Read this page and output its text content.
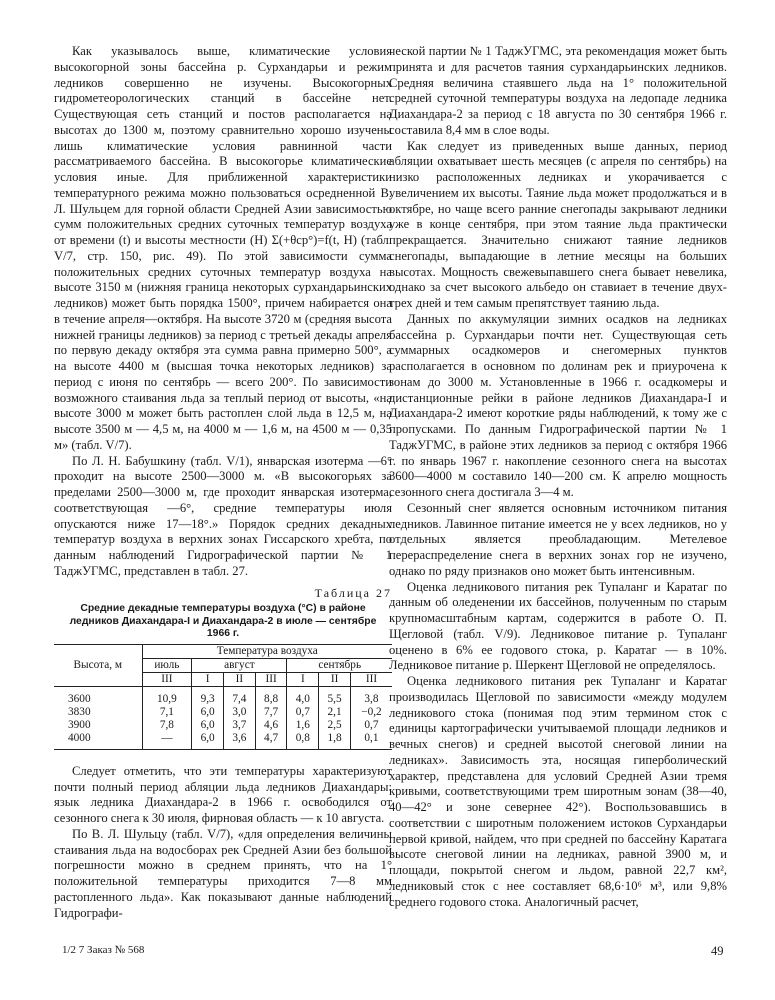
Как указывалось выше, климатические условия высокогорной зоны бассейна р. Сурхандарьи и режим ледников совершенно не изучены. Высокогорных гидрометеорологических станций в бассейне нет. Существующая сеть станций и постов располагается на высотах до 1300 м, поэтому сравнительно хорошо изучены лишь климатические условия равнинной части рассматриваемого бассейна. В высокогорье климатические условия иные. Для приближенной характеристики температурного режима можно пользоваться осредненной В. Л. Шульцем для горной области Средней Азии зависимостью сумм положительных средних суточных температур воздуха от времени (t) и высоты местности (H) Σ(+θср°)=f(t, H) (табл. V/7, стр. 150, рис. 49). По этой зависимости сумма положительных средних суточных температур воздуха на высоте 3150 м (нижняя граница некоторых сурхандарьинских ледников) может быть порядка 1500°, причем набирается она в течение апреля—октября. На высоте 3720 м (средняя высота нижней границы ледников) за период с третьей декады апреля по первую декаду октября эта сумма равна примерно 500°, а на высоте 4400 м (высшая точка некоторых ледников) за период с июня по сентябрь — всего 200°. По зависимости возможного стаивания льда за теплый период от высоты, «на высоте 3000 м может быть растоплен слой льда в 12,5 м, на высоте 3500 м — 4,5 м, на 4000 м — 1,6 м, на 4500 м — 0,35 м» (табл. V/7).

По Л. Н. Бабушкину (табл. V/1), январская изотерма —6° проходит на высоте 2500—3000 м. «В высокогорьях за пределами 2500—3000 м, где проходит январская изотерма, соответствующая —6°, средние температуры июля опускаются ниже 17—18°.» Порядок средних декадных температур воздуха в верхних зонах Гиссарского хребта, по данным наблюдений Гидрографической партии № 1 ТаджУГМС, представлен в табл. 27.

Таблица 27
Средние декадные температуры воздуха (°C) в районе ледников Диахандара-I и Диахандара-2 в июле — сентябре 1966 г.
Высота, м	Температура воздуха						
	июль	август			сентябрь		
	III	I	II	III	I	II	III

3600	10,9	9,3	7,4	8,8	4,0	5,5	3,8
3830	7,1	6,0	3,0	7,7	0,7	2,1	−0,2
3900	7,8	6,0	3,7	4,6	1,6	2,5	0,7
4000	—	6,0	3,6	4,7	0,8	1,8	0,1

Следует отметить, что эти температуры характеризуют почти полный период абляции льда ледников Диахандары: язык ледника Диахандара-2 в 1966 г. освободился от сезонного снега к 30 июля, фирновая область — к 10 августа.

По В. Л. Шульцу (табл. V/7), «для определения величины стаивания льда на водосборах рек Средней Азии без большой погрешности можно в среднем принять, что на 1° положительной температуры приходится 7—8 мм растопленного льда». Как показывают данные наблюдений Гидрографи-

ческой партии № 1 ТаджУГМС, эта рекомендация может быть принята и для расчетов таяния сурхандарьинских ледников. Средняя величина стаявшего льда на 1° положительной средней суточной температуры воздуха на ледопаде ледника Диахандара-2 за период с 18 августа по 30 сентября 1966 г. составила 8,4 мм в слое воды.

Как следует из приведенных выше данных, период абляции охватывает шесть месяцев (с апреля по сентябрь) на низко расположенных ледниках и укорачивается с увеличением их высоты. Таяние льда может продолжаться и в октябре, но чаще всего ранние снегопады закрывают ледники уже в конце сентября, при этом таяние льда практически прекращается. Значительно снижают таяние ледников снегопады, выпадающие в летние месяцы на больших высотах. Мощность свежевыпавшего снега бывает невелика, однако за счет высокого альбедо он ставиает в течение двух-трех дней и тем самым препятствует таянию льда.

Данных по аккумуляции зимних осадков на ледниках бассейна р. Сурхандарьи почти нет. Существующая сеть суммарных осадкомеров и снегомерных пунктов располагается в основном по долинам рек и приурочена к зонам до 3000 м. Установленные в 1966 г. осадкомеры и дистанционные рейки в районе ледников Диахандара-I и Диахандара-2 имеют короткие ряды наблюдений, к тому же с пропусками. По данным Гидрографической партии № 1 ТаджУГМС, в районе этих ледников за период с октября 1966 г. по январь 1967 г. накопление сезонного снега на высотах 3600—4000 м составило 140—200 см. К апрелю мощность сезонного снега достигала 3—4 м.

Сезонный снег является основным источником питания ледников. Лавинное питание имеется не у всех ледников, но у отдельных является преобладающим. Метелевое перераспределение снега в верхних зонах гор не изучено, однако по ряду признаков оно может быть интенсивным.

Оценка ледникового питания рек Тупаланг и Каратаг по данным об оледенении их бассейнов, полученным по старым крупномасштабным картам, содержится в работе О. П. Щегловой (табл. V/9). Ледниковое питание р. Тупаланг оценено в 6% ее годового стока, р. Каратаг — в 10%. Ледниковое питание р. Шеркент Щегловой не определялось.

Оценка ледникового питания рек Тупаланг и Каратаг производилась Щегловой по зависимости «между модулем ледникового стока (понимая под этим термином сток с единицы картографически учитываемой площади ледников и вечных снегов) и средней высотой снеговой линии на ледниках». Зависимость эта, носящая гиперболический характер, представлена для условий Средней Азии тремя кривыми, соответствующими трем широтным зонам (38—40, 40—42° и зоне севернее 42°). Воспользовавшись в соответствии с широтным положением истоков Сурхандарьи первой кривой, найдем, что при средней по бассейну Каратага высоте снеговой линии на ледниках, равной 3900 м, и площади, покрытой снегом и льдом, равной 22,7 км², ледниковый сток с нее составляет 68,6·10⁶ м³, или 9,8% среднего годового стока. Аналогичный расчет,

1/2 7 Заказ № 568	49
